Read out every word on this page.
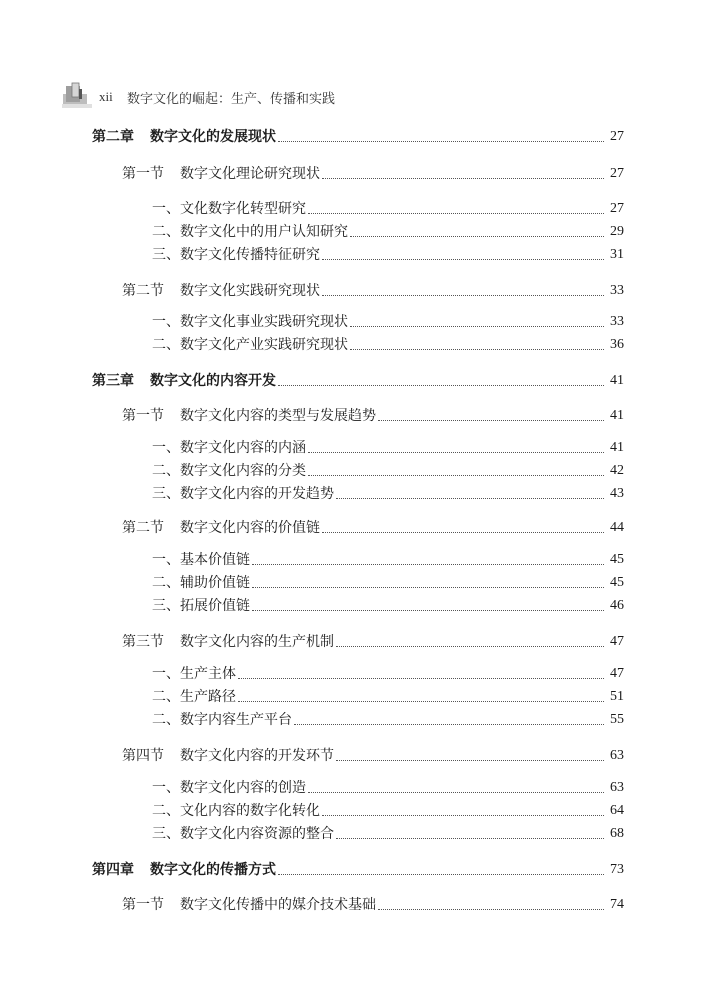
xii 数字文化的崛起：生产、传播和实践
第二章	数字文化的发展现状	27
第一节	数字文化理论研究现状	27
一、 文化数字化转型研究	27
二、 数字文化中的用户认知研究	29
三、 数字文化传播特征研究	31
第二节	数字文化实践研究现状	33
一、 数字文化事业实践研究现状	33
二、 数字文化产业实践研究现状	36
第三章	数字文化的内容开发	41
第一节	数字文化内容的类型与发展趋势	41
一、 数字文化内容的内涵	41
二、 数字文化内容的分类	42
三、 数字文化内容的开发趋势	43
第二节	数字文化内容的价值链	44
一、 基本价值链	45
二、 辅助价值链	45
三、 拓展价值链	46
第三节	数字文化内容的生产机制	47
一、 生产主体	47
二、 生产路径	51
二、 数字内容生产平台	55
第四节	数字文化内容的开发环节	63
一、 数字文化内容的创造	63
二、 文化内容的数字化转化	64
三、 数字文化内容资源的整合	68
第四章	数字文化的传播方式	73
第一节	数字文化传播中的媒介技术基础	74
